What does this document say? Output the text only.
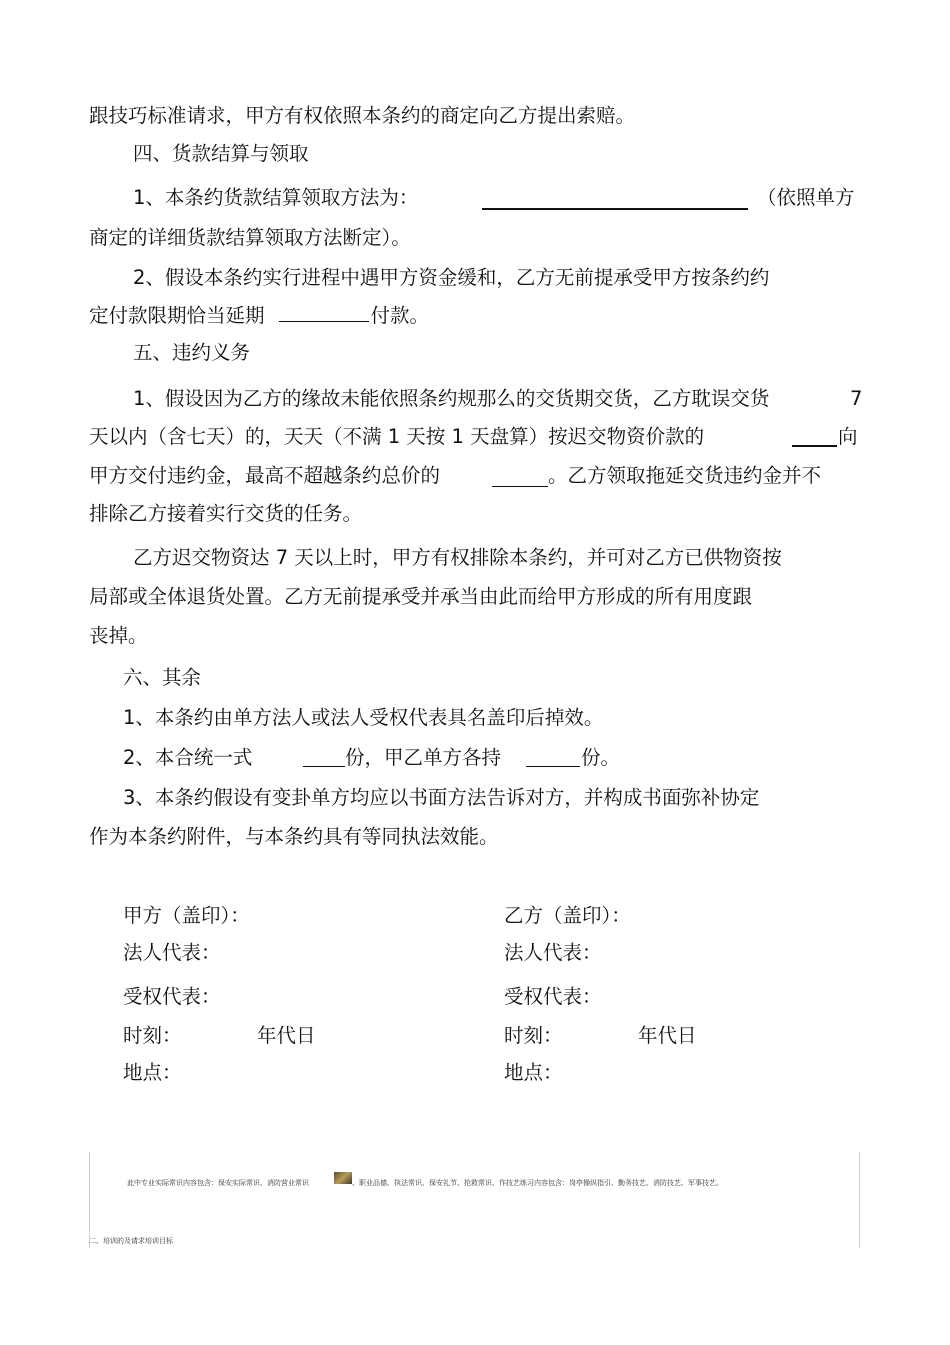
跟技巧标准请求，甲方有权依照本条约的商定向乙方提出索赔。
四、货款结算与领取
1、本条约货款结算领取方法为：	（依照单方
商定的详细货款结算领取方法断定）。
2、假设本条约实行进程中遇甲方资金缓和，乙方无前提承受甲方按条约约
定付款限期恰当延期	付款。
五、违约义务
1、假设因为乙方的缘故未能依照条约规那么的交货期交货，乙方耽误交货	7
天以内（含七天）的，天天（不满 1 天按 1 天盘算）按迟交物资价款的	向
甲方交付违约金，最高不超越条约总价的	。乙方领取拖延交货违约金并不
排除乙方接着实行交货的任务。
乙方迟交物资达 7 天以上时，甲方有权排除本条约，并可对乙方已供物资按
局部或全体退货处置。乙方无前提承受并承当由此而给甲方形成的所有用度跟
丧掉。
六、其余
1、本条约由单方法人或法人受权代表具名盖印后掉效。
2、本合统一式	份，甲乙单方各持	份。
3、本条约假设有变卦单方均应以书面方法告诉对方，并构成书面弥补协定
作为本条约附件，与本条约具有等同执法效能。
甲方（盖印）：
法人代表：
受权代表：
时刻：	年代日
地点：
乙方（盖印）：
法人代表：
受权代表：
时刻：	年代日
地点：
此中专业实际常识内容包含：保安实际常识、消防营业常识	、职业品德、执法常识、保安礼节、抢救常识、作技艺练习内容包含：岗亭操纵指引、勤务技艺、消防技艺、军事技艺。
二、培训的及请求培训目标
